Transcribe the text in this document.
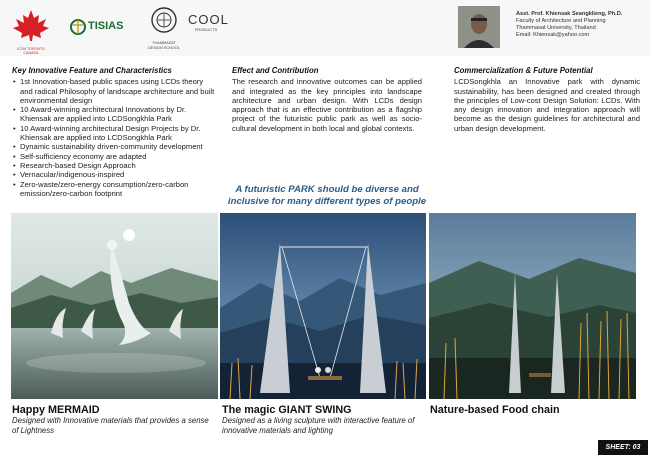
ICON TORONTO CANADA
TISIAS
THAMMASAT DESIGN SCHOOL
COOL
PRODUCTS
Asst. Prof. Khiensak Seangklieng, Ph.D.
Faculty of Architecture and Planning
Thammasat University, Thailand
Email: Khiensak@yahoo.com
Key Innovative Feature and Characteristics
• 1st Innovation-based public spaces using LCDs theory and radical Philosophy of landscape architecture and built environmental design
• 10 Award-winning architectural Innovations by Dr. Khiensak are applied into LCDSongkhla Park
• 10 Award-winning architectural Design Projects by Dr. Khiensak are applied into LCDSongkhla Park
• Dynamic sustainability driven-community development
• Self-sufficiency economy are adapted
• Research-based Design Approach
• Vernacular/indigenous-inspired
• Zero-waste/zero-energy consumption/zero-carbon emission/zero-carbon footprint
Effect and Contribution

The research and innovative outcomes can be applied and integrated as the key principles into landscape architecture and urban design. With LCDs design approach that is an effective contribution as a flagship project of the futuristic public park as well as socio-cultural development in both local and global contexts.

Commercialization & Future Potential

LCDSongkhla an Innovative park with dynamic sustainability, has been designed and created through the principles of Low-cost Design Solution: LCDs. With any design innovation and integration approach will become as the design guidelines for architectural and urban design development.

A futuristic PARK should be diverse and inclusive for many different types of people
Happy MERMAID
Designed with Innovative materials that provides a sense of Lightness
The magic GIANT SWING
Designed as a living sculpture with interactive feature of innovative materials and lighting
Nature-based Food chain
SHEET: 03
